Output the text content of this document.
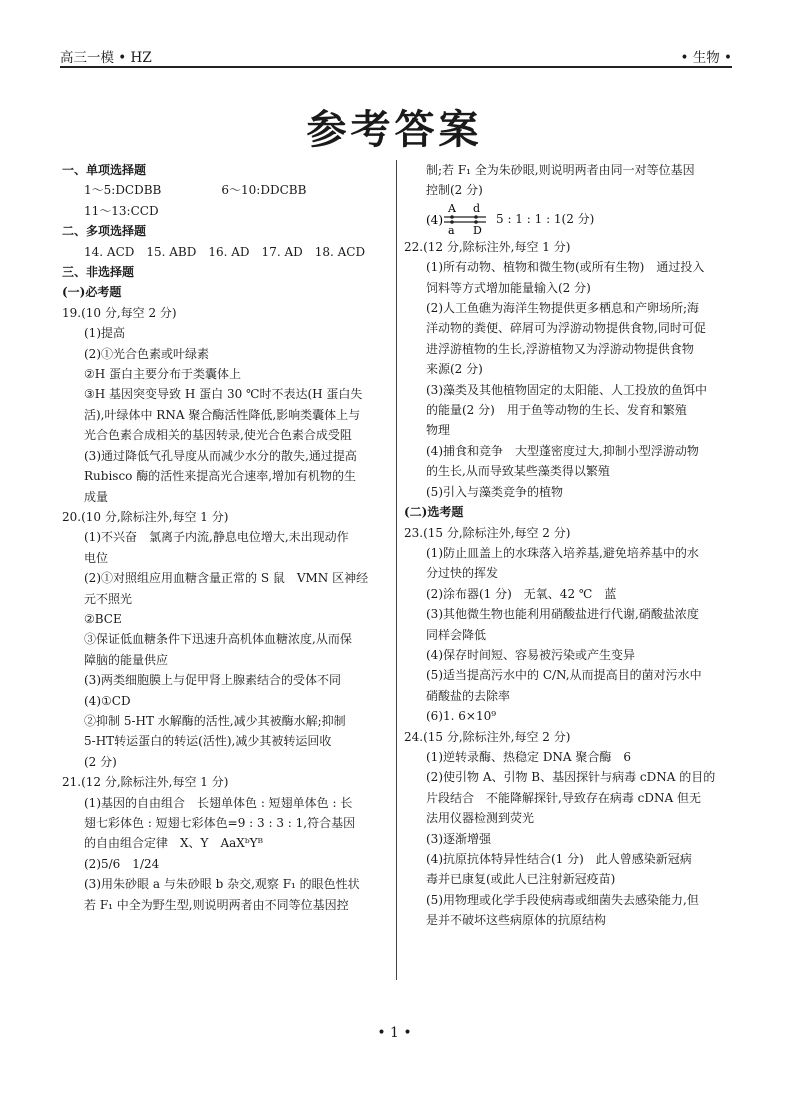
高三一模 • HZ	• 生物 •
参考答案
一、单项选择题
1～5:DCDBB　　　　　6～10:DDCBB
11～13:CCD
二、多项选择题
14. ACD　15. ABD　16. AD　17. AD　18. ACD
三、非选择题
(一)必考题
19.(10 分,每空 2 分)
(1)提高
(2)①光合色素或叶绿素
②H 蛋白主要分布于类囊体上
③H 基因突变导致 H 蛋白 30 ℃时不表达(H 蛋白失
活),叶绿体中 RNA 聚合酶活性降低,影响类囊体上与
光合色素合成相关的基因转录,使光合色素合成受阻
(3)通过降低气孔导度从而减少水分的散失,通过提高
Rubisco 酶的活性来提高光合速率,增加有机物的生
成量
20.(10 分,除标注外,每空 1 分)
(1)不兴奋　氯离子内流,静息电位增大,未出现动作
电位
(2)①对照组应用血糖含量正常的 S 鼠　VMN 区神经
元不照光
②BCE
③保证低血糖条件下迅速升高机体血糖浓度,从而保
障脑的能量供应
(3)两类细胞膜上与促甲肾上腺素结合的受体不同
(4)①CD
②抑制 5-HT 水解酶的活性,减少其被酶水解;抑制
5-HT转运蛋白的转运(活性),减少其被转运回收
(2 分)
21.(12 分,除标注外,每空 1 分)
(1)基因的自由组合　长翅单体色 : 短翅单体色 : 长
翅七彩体色 : 短翅七彩体色=9 : 3 : 3 : 1,符合基因
的自由组合定律　X、Y　AaXᵇYᴮ
(2)5/6　1/24
(3)用朱砂眼 a 与朱砂眼 b 杂交,观察 F₁ 的眼色性状
若 F₁ 中全为野生型,则说明两者由不同等位基因控
制;若 F₁ 全为朱砂眼,则说明两者由同一对等位基因
控制(2 分)
(4)
A d
a D
5 : 1 : 1 : 1(2 分)
22.(12 分,除标注外,每空 1 分)
(1)所有动物、植物和微生物(或所有生物)　通过投入
饲料等方式增加能量输入(2 分)
(2)人工鱼礁为海洋生物提供更多栖息和产卵场所;海
洋动物的粪便、碎屑可为浮游动物提供食物,同时可促
进浮游植物的生长,浮游植物又为浮游动物提供食物
来源(2 分)
(3)藻类及其他植物固定的太阳能、人工投放的鱼饵中
的能量(2 分)　用于鱼等动物的生长、发育和繁殖
物理
(4)捕食和竞争　大型蓬密度过大,抑制小型浮游动物
的生长,从而导致某些藻类得以繁殖
(5)引入与藻类竞争的植物
(二)选考题
23.(15 分,除标注外,每空 2 分)
(1)防止皿盖上的水珠落入培养基,避免培养基中的水
分过快的挥发
(2)涂布器(1 分)　无氧、42 ℃　蓝
(3)其他微生物也能利用硝酸盐进行代谢,硝酸盐浓度
同样会降低
(4)保存时间短、容易被污染或产生变异
(5)适当提高污水中的 C/N,从而提高目的菌对污水中
硝酸盐的去除率
(6)1. 6×10⁹
24.(15 分,除标注外,每空 2 分)
(1)逆转录酶、热稳定 DNA 聚合酶　6
(2)使引物 A、引物 B、基因探针与病毒 cDNA 的目的
片段结合　不能降解探针,导致存在病毒 cDNA 但无
法用仪器检测到荧光
(3)逐渐增强
(4)抗原抗体特异性结合(1 分)　此人曾感染新冠病
毒并已康复(或此人已注射新冠疫苗)
(5)用物理或化学手段使病毒或细菌失去感染能力,但
是并不破坏这些病原体的抗原结构
• 1 •
